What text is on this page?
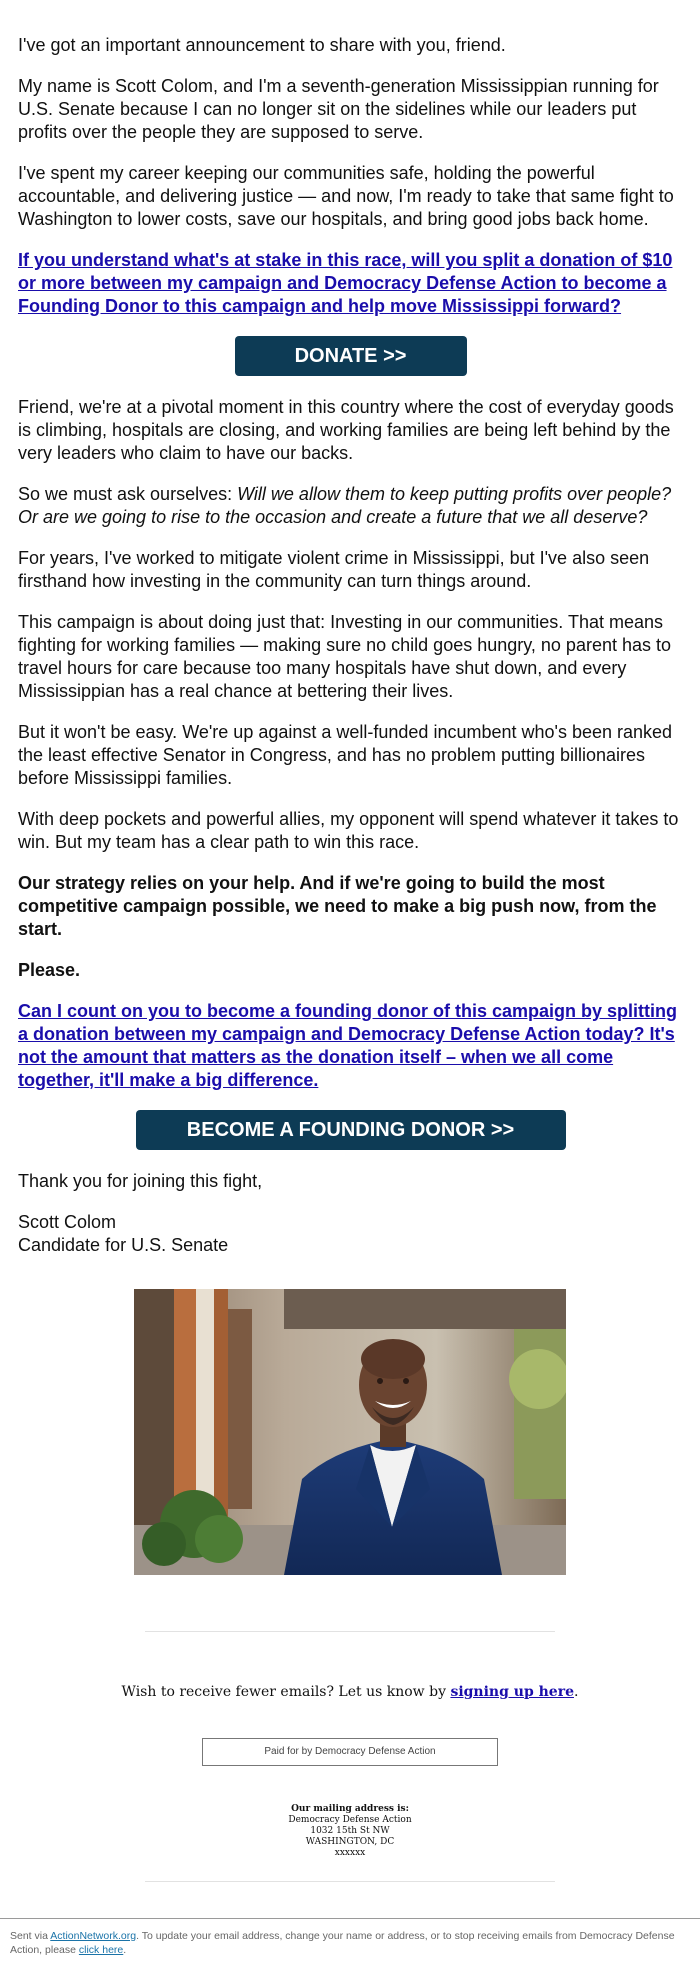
I've got an important announcement to share with you, friend.

My name is Scott Colom, and I'm a seventh-generation Mississippian running for U.S. Senate because I can no longer sit on the sidelines while our leaders put profits over the people they are supposed to serve.

I've spent my career keeping our communities safe, holding the powerful accountable, and delivering justice — and now, I'm ready to take that same fight to Washington to lower costs, save our hospitals, and bring good jobs back home.

If you understand what's at stake in this race, will you split a donation of $10 or more between my campaign and Democracy Defense Action to become a Founding Donor to this campaign and help move Mississippi forward?

DONATE >>

Friend, we're at a pivotal moment in this country where the cost of everyday goods is climbing, hospitals are closing, and working families are being left behind by the very leaders who claim to have our backs.

So we must ask ourselves: Will we allow them to keep putting profits over people? Or are we going to rise to the occasion and create a future that we all deserve?

For years, I've worked to mitigate violent crime in Mississippi, but I've also seen firsthand how investing in the community can turn things around.

This campaign is about doing just that: Investing in our communities. That means fighting for working families — making sure no child goes hungry, no parent has to travel hours for care because too many hospitals have shut down, and every Mississippian has a real chance at bettering their lives.

But it won't be easy. We're up against a well-funded incumbent who's been ranked the least effective Senator in Congress, and has no problem putting billionaires before Mississippi families.

With deep pockets and powerful allies, my opponent will spend whatever it takes to win. But my team has a clear path to win this race.

Our strategy relies on your help. And if we're going to build the most competitive campaign possible, we need to make a big push now, from the start.

Please.

Can I count on you to become a founding donor of this campaign by splitting a donation between my campaign and Democracy Defense Action today? It's not the amount that matters as the donation itself – when we all come together, it'll make a big difference.

BECOME A FOUNDING DONOR >>

Thank you for joining this fight,

Scott Colom
Candidate for U.S. Senate

Wish to receive fewer emails? Let us know by signing up here.
Paid for by Democracy Defense Action
Our mailing address is:
Democracy Defense Action
1032 15th St NW
WASHINGTON, DC
xxxxxx
Sent via ActionNetwork.org. To update your email address, change your name or address, or to stop receiving emails from Democracy Defense Action, please click here.
